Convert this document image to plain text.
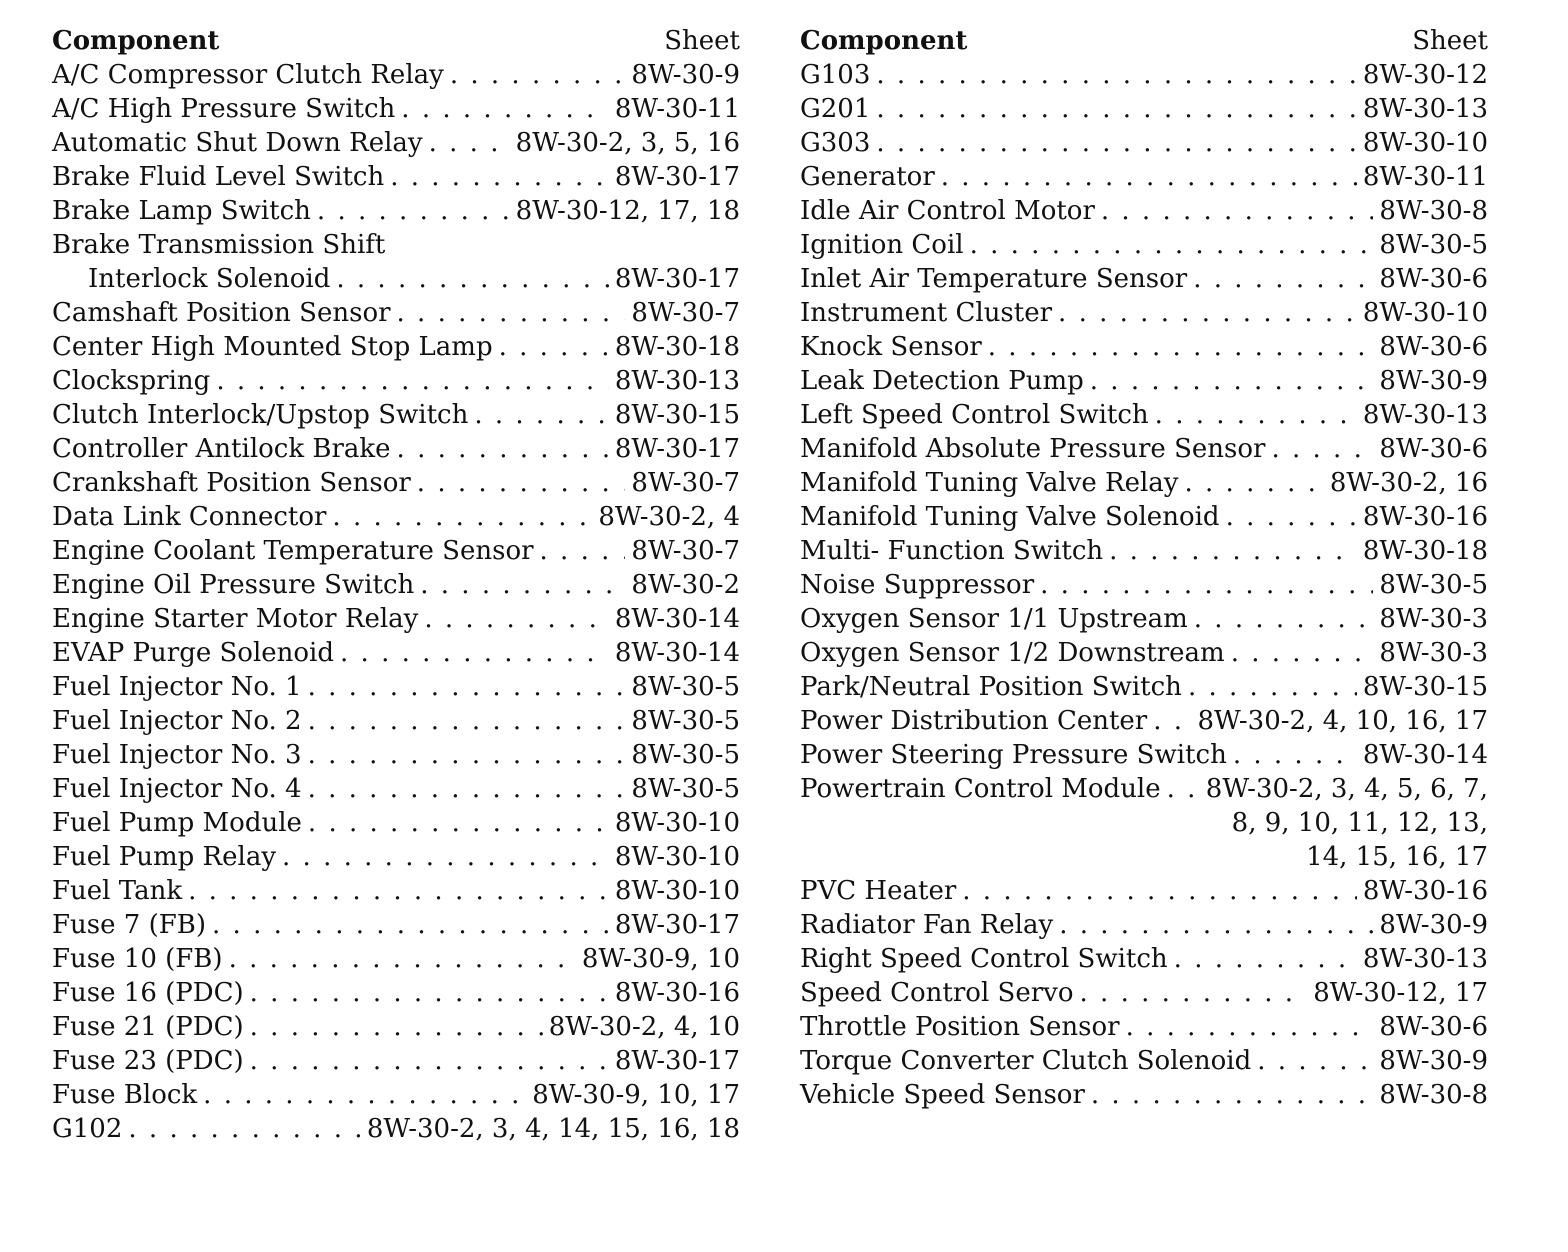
Component	Sheet
A/C Compressor Clutch Relay . . .	8W-30-9
A/C High Pressure Switch . . .	8W-30-11
Automatic Shut Down Relay . . .	8W-30-2, 3, 5, 16
Brake Fluid Level Switch . . .	8W-30-17
Brake Lamp Switch . . .	8W-30-12, 17, 18
Brake Transmission Shift
Interlock Solenoid . . .	8W-30-17
Camshaft Position Sensor . . .	8W-30-7
Center High Mounted Stop Lamp . . .	8W-30-18
Clockspring . . .	8W-30-13
Clutch Interlock/Upstop Switch . . .	8W-30-15
Controller Antilock Brake . . .	8W-30-17
Crankshaft Position Sensor . . .	8W-30-7
Data Link Connector . . .	8W-30-2, 4
Engine Coolant Temperature Sensor . . .	8W-30-7
Engine Oil Pressure Switch . . .	8W-30-2
Engine Starter Motor Relay . . .	8W-30-14
EVAP Purge Solenoid . . .	8W-30-14
Fuel Injector No. 1 . . .	8W-30-5
Fuel Injector No. 2 . . .	8W-30-5
Fuel Injector No. 3 . . .	8W-30-5
Fuel Injector No. 4 . . .	8W-30-5
Fuel Pump Module . . .	8W-30-10
Fuel Pump Relay . . .	8W-30-10
Fuel Tank . . .	8W-30-10
Fuse 7 (FB) . . .	8W-30-17
Fuse 10 (FB) . . .	8W-30-9, 10
Fuse 16 (PDC) . . .	8W-30-16
Fuse 21 (PDC) . . .	8W-30-2, 4, 10
Fuse 23 (PDC) . . .	8W-30-17
Fuse Block . . .	8W-30-9, 10, 17
G102 . . .	8W-30-2, 3, 4, 14, 15, 16, 18
Component	Sheet
G103 . . .	8W-30-12
G201 . . .	8W-30-13
G303 . . .	8W-30-10
Generator . . .	8W-30-11
Idle Air Control Motor . . .	8W-30-8
Ignition Coil . . .	8W-30-5
Inlet Air Temperature Sensor . . .	8W-30-6
Instrument Cluster . . .	8W-30-10
Knock Sensor . . .	8W-30-6
Leak Detection Pump . . .	8W-30-9
Left Speed Control Switch . . .	8W-30-13
Manifold Absolute Pressure Sensor . . .	8W-30-6
Manifold Tuning Valve Relay . . .	8W-30-2, 16
Manifold Tuning Valve Solenoid . . .	8W-30-16
Multi- Function Switch . . .	8W-30-18
Noise Suppressor . . .	8W-30-5
Oxygen Sensor 1/1 Upstream . . .	8W-30-3
Oxygen Sensor 1/2 Downstream . . .	8W-30-3
Park/Neutral Position Switch . . .	8W-30-15
Power Distribution Center . . . 8W-30-2, 4, 10, 16, 17
Power Steering Pressure Switch . . .	8W-30-14
Powertrain Control Module . . . 8W-30-2, 3, 4, 5, 6, 7,
8, 9, 10, 11, 12, 13,
14, 15, 16, 17
PVC Heater . . .	8W-30-16
Radiator Fan Relay . . .	8W-30-9
Right Speed Control Switch . . .	8W-30-13
Speed Control Servo . . .	8W-30-12, 17
Throttle Position Sensor . . .	8W-30-6
Torque Converter Clutch Solenoid . . .	8W-30-9
Vehicle Speed Sensor . . .	8W-30-8
